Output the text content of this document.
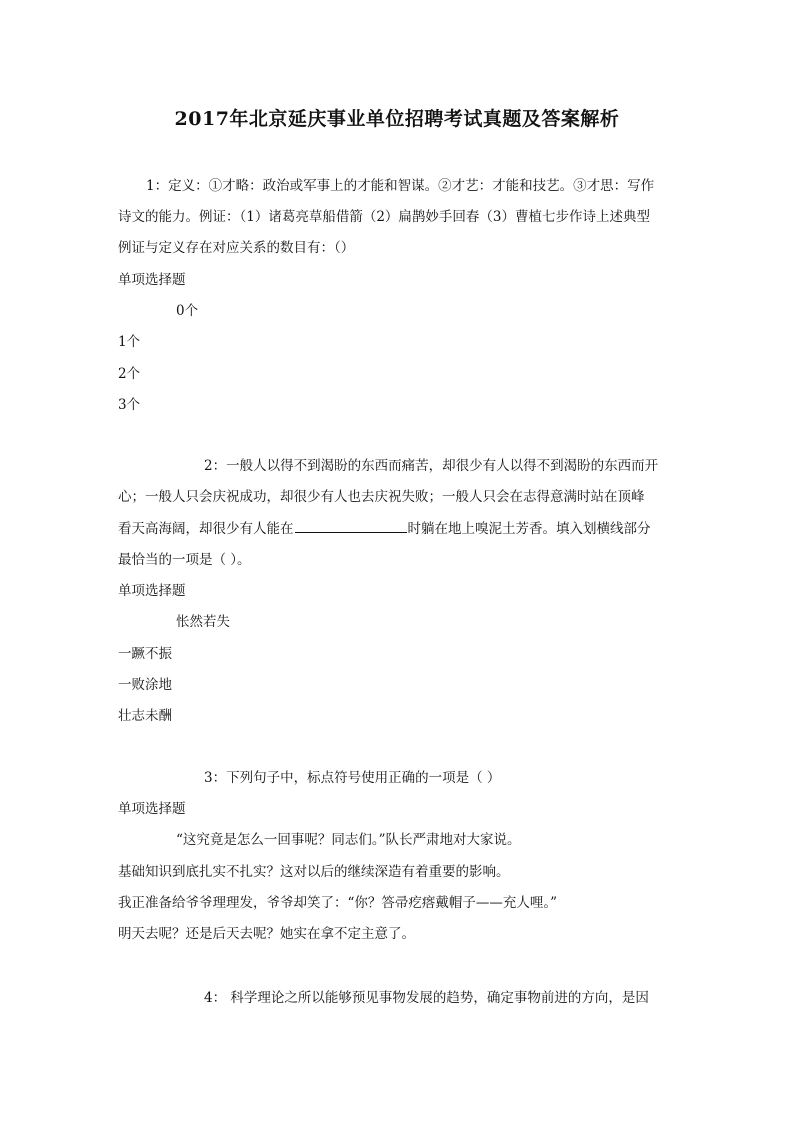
2017年北京延庆事业单位招聘考试真题及答案解析
1：定义：①才略：政治或军事上的才能和智谋。②才艺：才能和技艺。③才思：写作
诗文的能力。例证：（1）诸葛亮草船借箭（2）扁鹊妙手回春（3）曹植七步作诗上述典型
例证与定义存在对应关系的数目有：（）
单项选择题
0个
1个
2个
3个
2：一般人以得不到渴盼的东西而痛苦，却很少有人以得不到渴盼的东西而开
心；一般人只会庆祝成功，却很少有人也去庆祝失败；一般人只会在志得意满时站在顶峰
看天高海阔，却很少有人能在	时躺在地上嗅泥土芳香。填入划横线部分
最恰当的一项是（ ）。
单项选择题
怅然若失
一蹶不振
一败涂地
壮志未酬
3：下列句子中，标点符号使用正确的一项是（ ）
单项选择题
“这究竟是怎么一回事呢？同志们。”队长严肃地对大家说。
基础知识到底扎实不扎实？这对以后的继续深造有着重要的影响。
我正准备给爷爷理理发，爷爷却笑了：“你？答帚疙瘩戴帽子——充人哩。”
明天去呢？还是后天去呢？她实在拿不定主意了。
4： 科学理论之所以能够预见事物发展的趋势，确定事物前进的方向，是因
